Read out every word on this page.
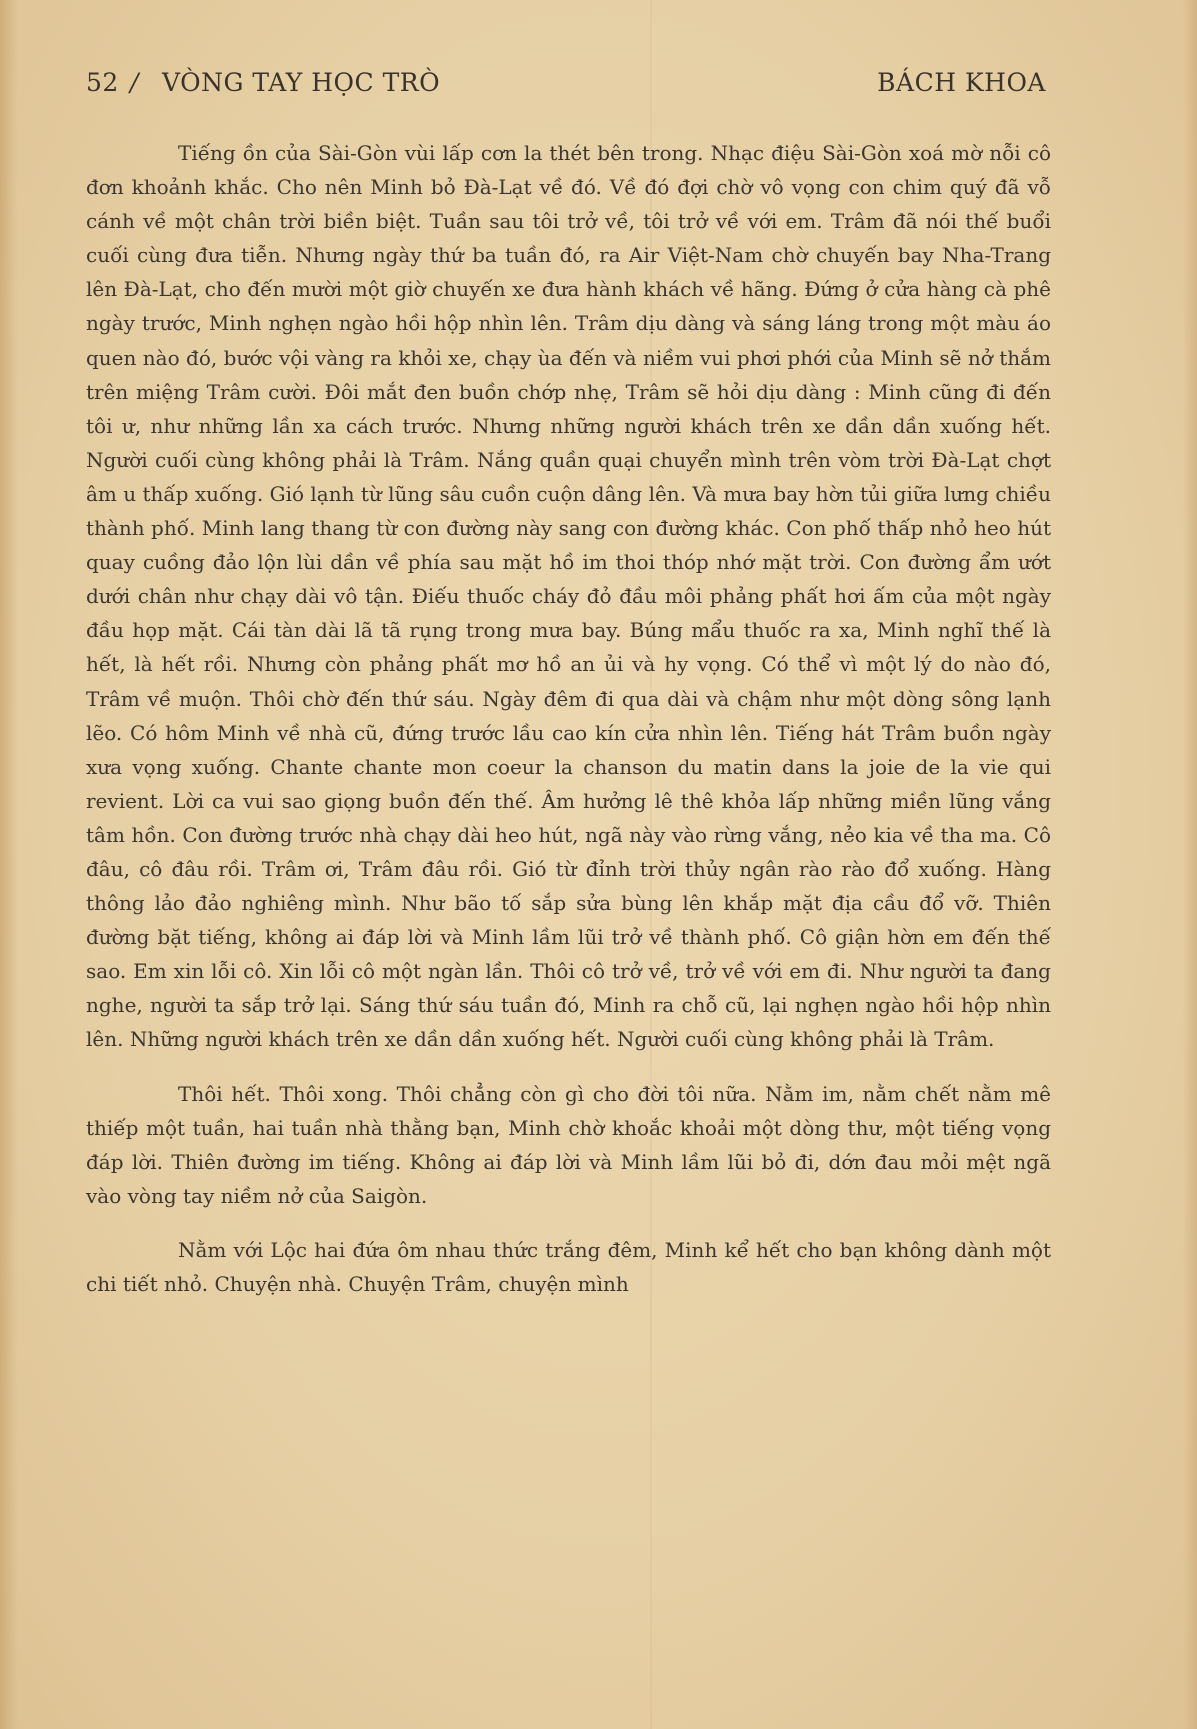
52 / VÒNG TAY HỌC TRÒ	BÁCH KHOA

Tiếng ồn của Sài-Gòn vùi lấp cơn la thét bên trong. Nhạc điệu Sài-Gòn xoá mờ nỗi cô đơn khoảnh khắc. Cho nên Minh bỏ Đà-Lạt về đó. Về đó đợi chờ vô vọng con chim quý đã vỗ cánh về một chân trời biền biệt. Tuần sau tôi trở về, tôi trở về với em. Trâm đã nói thế buổi cuối cùng đưa tiễn. Nhưng ngày thứ ba tuần đó, ra Air Việt-Nam chờ chuyến bay Nha-Trang lên Đà-Lạt, cho đến mười một giờ chuyến xe đưa hành khách về hãng. Đứng ở cửa hàng cà phê ngày trước, Minh nghẹn ngào hồi hộp nhìn lên. Trâm dịu dàng và sáng láng trong một màu áo quen nào đó, bước vội vàng ra khỏi xe, chạy ùa đến và niềm vui phơi phới của Minh sẽ nở thắm trên miệng Trâm cười. Đôi mắt đen buồn chớp nhẹ, Trâm sẽ hỏi dịu dàng : Minh cũng đi đến tôi ư, như những lần xa cách trước. Nhưng những người khách trên xe dần dần xuống hết. Người cuối cùng không phải là Trâm. Nắng quần quại chuyển mình trên vòm trời Đà-Lạt chợt âm u thấp xuống. Gió lạnh từ lũng sâu cuồn cuộn dâng lên. Và mưa bay hờn tủi giữa lưng chiều thành phố. Minh lang thang từ con đường này sang con đường khác. Con phố thấp nhỏ heo hút quay cuồng đảo lộn lùi dần về phía sau mặt hồ im thoi thóp nhớ mặt trời. Con đường ẩm ướt dưới chân như chạy dài vô tận. Điếu thuốc cháy đỏ đầu môi phảng phất hơi ấm của một ngày đầu họp mặt. Cái tàn dài lã tã rụng trong mưa bay. Búng mẩu thuốc ra xa, Minh nghĩ thế là hết, là hết rồi. Nhưng còn phảng phất mơ hồ an ủi và hy vọng. Có thể vì một lý do nào đó, Trâm về muộn. Thôi chờ đến thứ sáu. Ngày đêm đi qua dài và chậm như một dòng sông lạnh lẽo. Có hôm Minh về nhà cũ, đứng trước lầu cao kín cửa nhìn lên. Tiếng hát Trâm buồn ngày xưa vọng xuống. Chante chante mon coeur la chanson du matin dans la joie de la vie qui revient. Lời ca vui sao giọng buồn đến thế. Âm hưởng lê thê khỏa lấp những miền lũng vắng tâm hồn. Con đường trước nhà chạy dài heo hút, ngã này vào rừng vắng, nẻo kia về tha ma. Cô đâu, cô đâu rồi. Trâm ơi, Trâm đâu rồi. Gió từ đỉnh trời thủy ngân rào rào đổ xuống. Hàng thông lảo đảo nghiêng mình. Như bão tố sắp sửa bùng lên khắp mặt địa cầu đổ vỡ. Thiên đường bặt tiếng, không ai đáp lời và Minh lầm lũi trở về thành phố. Cô giận hờn em đến thế sao. Em xin lỗi cô. Xin lỗi cô một ngàn lần. Thôi cô trở về, trở về với em đi. Như người ta đang nghe, người ta sắp trở lại. Sáng thứ sáu tuần đó, Minh ra chỗ cũ, lại nghẹn ngào hồi hộp nhìn lên. Những người khách trên xe dần dần xuống hết. Người cuối cùng không phải là Trâm.

Thôi hết. Thôi xong. Thôi chẳng còn gì cho đời tôi nữa. Nằm im, nằm chết nằm mê thiếp một tuần, hai tuần nhà thằng bạn, Minh chờ khoắc khoải một dòng thư, một tiếng vọng đáp lời. Thiên đường im tiếng. Không ai đáp lời và Minh lầm lũi bỏ đi, dớn đau mỏi mệt ngã vào vòng tay niềm nở của Saigòn.

Nằm với Lộc hai đứa ôm nhau thức trắng đêm, Minh kể hết cho bạn không dành một chi tiết nhỏ. Chuyện nhà. Chuyện Trâm, chuyện mình
